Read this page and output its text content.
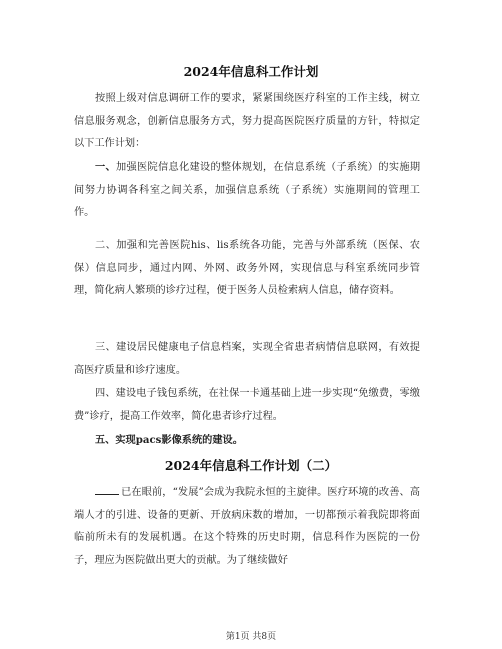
2024年信息科工作计划
按照上级对信息调研工作的要求，紧紧围绕医疗科室的工作主线，树立信息服务观念，创新信息服务方式，努力提高医院医疗质量的方针，特拟定以下工作计划：
一、加强医院信息化建设的整体规划，在信息系统（子系统）的实施期间努力协调各科室之间关系，加强信息系统（子系统）实施期间的管理工作。
二、加强和完善医院his、lis系统各功能，完善与外部系统（医保、农保）信息同步，通过内网、外网、政务外网，实现信息与科室系统同步管理，简化病人繁琐的诊疗过程，便于医务人员检索病人信息，储存资料。
三、建设居民健康电子信息档案，实现全省患者病情信息联网，有效提高医疗质量和诊疗速度。
四、建设电子钱包系统，在社保一卡通基础上进一步实现“免缴费，零缴费”诊疗，提高工作效率，简化患者诊疗过程。
五、实现pacs影像系统的建设。
2024年信息科工作计划（二）
已在眼前，“发展”会成为我院永恒的主旋律。医疗环境的改善、高端人才的引进、设备的更新、开放病床数的增加，一切都预示着我院即将面临前所未有的发展机遇。在这个特殊的历史时期，信息科作为医院的一份子，理应为医院做出更大的贡献。为了继续做好
第1页 共8页
